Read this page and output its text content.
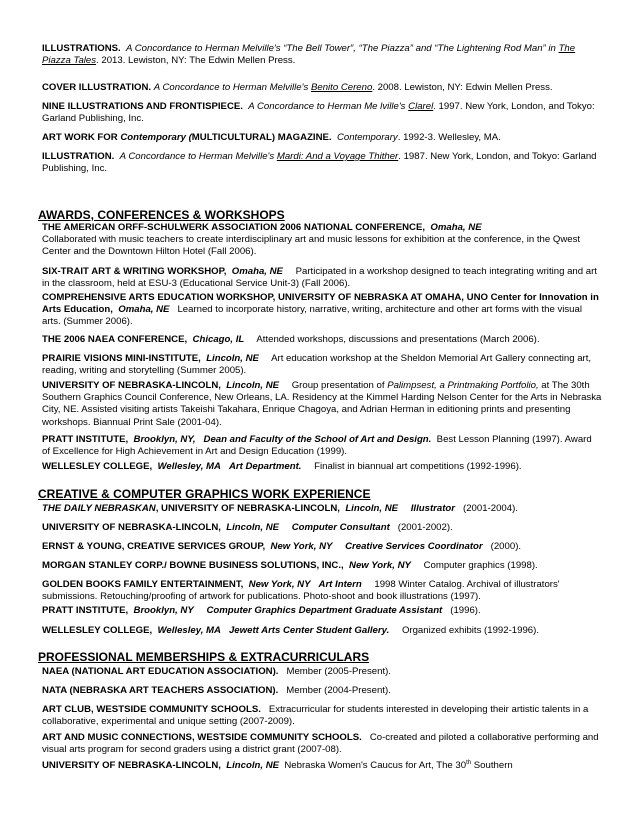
ILLUSTRATIONS. A Concordance to Herman Melville's “The Bell Tower”, “The Piazza” and “The Lightening Rod Man” in The Piazza Tales. 2013. Lewiston, NY: The Edwin Mellen Press.
COVER ILLUSTRATION. A Concordance to Herman Melville's Benito Cereno. 2008. Lewiston, NY: Edwin Mellen Press.
NINE ILLUSTRATIONS AND FRONTISPIECE. A Concordance to Herman Me lville's Clarel. 1997. New York, London, and Tokyo: Garland Publishing, Inc.
ART WORK FOR Contemporary (MULTICULTURAL) MAGAZINE. Contemporary. 1992-3. Wellesley, MA.
ILLUSTRATION. A Concordance to Herman Melville's Mardi: And a Voyage Thither. 1987. New York, London, and Tokyo: Garland Publishing, Inc.
AWARDS, CONFERENCES & WORKSHOPS
THE AMERICAN ORFF-SCHULWERK ASSOCIATION 2006 NATIONAL CONFERENCE, Omaha, NE
Collaborated with music teachers to create interdisciplinary art and music lessons for exhibition at the conference, in the Qwest Center and the Downtown Hilton Hotel (Fall 2006).
SIX-TRAIT ART & WRITING WORKSHOP, Omaha, NE Participated in a workshop designed to teach integrating writing and art in the classroom, held at ESU-3 (Educational Service Unit-3) (Fall 2006).
COMPREHENSIVE ARTS EDUCATION WORKSHOP, UNIVERSITY OF NEBRASKA AT OMAHA, UNO Center for Innovation in Arts Education, Omaha, NE Learned to incorporate history, narrative, writing, architecture and other art forms with the visual arts. (Summer 2006).
THE 2006 NAEA CONFERENCE, Chicago, IL Attended workshops, discussions and presentations (March 2006).
PRAIRIE VISIONS MINI-INSTITUTE, Lincoln, NE Art education workshop at the Sheldon Memorial Art Gallery connecting art, reading, writing and storytelling (Summer 2005).
UNIVERSITY OF NEBRASKA-LINCOLN, Lincoln, NE Group presentation of Palimpsest, a Printmaking Portfolio, at The 30th Southern Graphics Council Conference, New Orleans, LA. Residency at the Kimmel Harding Nelson Center for the Arts in Nebraska City, NE. Assisted visiting artists Takeishi Takahara, Enrique Chagoya, and Adrian Herman in editioning prints and presenting workshops. Biannual Print Sale (2001-04).
PRATT INSTITUTE, Brooklyn, NY, Dean and Faculty of the School of Art and Design. Best Lesson Planning (1997). Award of Excellence for High Achievement in Art and Design Education (1999).
WELLESLEY COLLEGE, Wellesley, MA Art Department. Finalist in biannual art competitions (1992-1996).
CREATIVE & COMPUTER GRAPHICS WORK EXPERIENCE
THE DAILY NEBRASKAN, UNIVERSITY OF NEBRASKA-LINCOLN, Lincoln, NE Illustrator (2001-2004).
UNIVERSITY OF NEBRASKA-LINCOLN, Lincoln, NE Computer Consultant (2001-2002).
ERNST & YOUNG, CREATIVE SERVICES GROUP, New York, NY Creative Services Coordinator (2000).
MORGAN STANLEY CORP./ BOWNE BUSINESS SOLUTIONS, INC., New York, NY Computer graphics (1998).
GOLDEN BOOKS FAMILY ENTERTAINMENT, New York, NY Art Intern 1998 Winter Catalog. Archival of illustrators' submissions. Retouching/proofing of artwork for publications. Photo-shoot and book illustrations (1997).
PRATT INSTITUTE, Brooklyn, NY Computer Graphics Department Graduate Assistant (1996).
WELLESLEY COLLEGE, Wellesley, MA Jewett Arts Center Student Gallery. Organized exhibits (1992-1996).
PROFESSIONAL MEMBERSHIPS & EXTRACURRICULARS
NAEA (NATIONAL ART EDUCATION ASSOCIATION). Member (2005-Present).
NATA (NEBRASKA ART TEACHERS ASSOCIATION). Member (2004-Present).
ART CLUB, WESTSIDE COMMUNITY SCHOOLS. Extracurricular for students interested in developing their artistic talents in a collaborative, experimental and unique setting (2007-2009).
ART AND MUSIC CONNECTIONS, WESTSIDE COMMUNITY SCHOOLS. Co-created and piloted a collaborative performing and visual arts program for second graders using a district grant (2007-08).
UNIVERSITY OF NEBRASKA-LINCOLN, Lincoln, NE Nebraska Women's Caucus for Art, The 30th Southern
